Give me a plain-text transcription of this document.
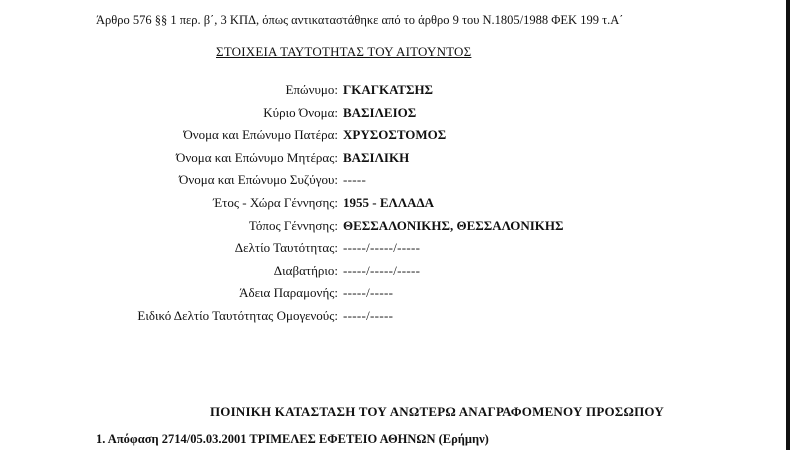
Άρθρο 576 §§ 1 περ. β΄, 3 ΚΠΔ, όπως αντικαταστάθηκε από το άρθρο 9 του Ν.1805/1988 ΦΕΚ 199 τ.Α΄
ΣΤΟΙΧΕΙΑ ΤΑΥΤΟΤΗΤΑΣ ΤΟΥ ΑΙΤΟΥΝΤΟΣ
Επώνυμο: ΓΚΑΓΚΑΤΣΗΣ
Κύριο Όνομα: ΒΑΣΙΛΕΙΟΣ
Όνομα και Επώνυμο Πατέρα: ΧΡΥΣΟΣΤΟΜΟΣ
Όνομα και Επώνυμο Μητέρας: ΒΑΣΙΛΙΚΗ
Όνομα και Επώνυμο Συζύγου: -----
Έτος - Χώρα Γέννησης: 1955 - ΕΛΛΑΔΑ
Τόπος Γέννησης: ΘΕΣΣΑΛΟΝΙΚΗΣ, ΘΕΣΣΑΛΟΝΙΚΗΣ
Δελτίο Ταυτότητας: -----/-----/-----
Διαβατήριο: -----/-----/-----
Άδεια Παραμονής: -----/-----
Ειδικό Δελτίο Ταυτότητας Ομογενούς: -----/-----
ΠΟΙΝΙΚΗ ΚΑΤΑΣΤΑΣΗ ΤΟΥ ΑΝΩΤΕΡΩ ΑΝΑΓΡΑΦΟΜΕΝΟΥ ΠΡΟΣΩΠΟΥ
1. Απόφαση 2714/05.03.2001 ΤΡΙΜΕΛΕΣ ΕΦΕΤΕΙΟ ΑΘΗΝΩΝ (Ερήμην)
